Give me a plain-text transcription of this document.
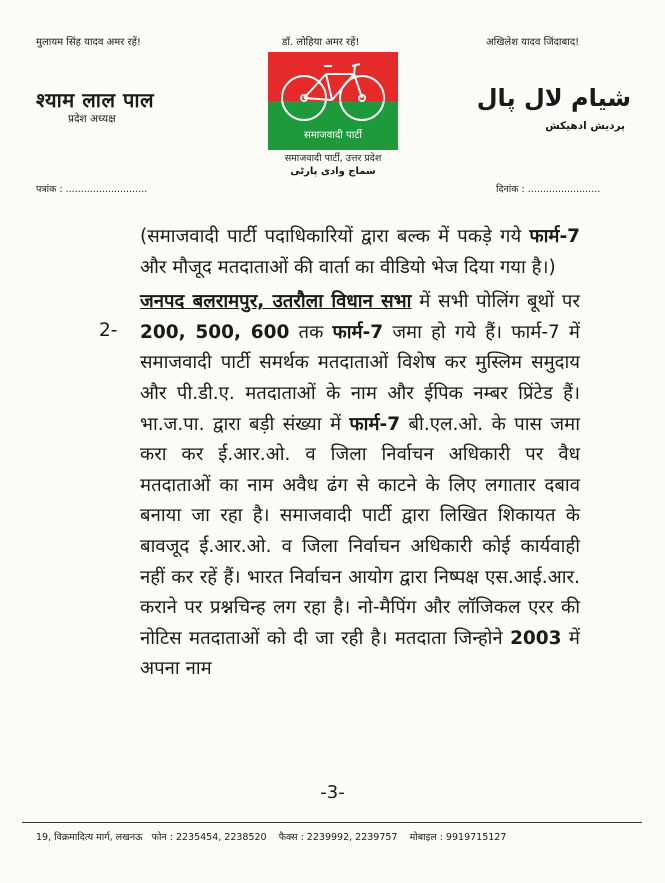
मुलायम सिंह यादव अमर रहें!	डॉ. लोहिया अमर रहें!	अखिलेश यादव जिंदाबाद!
श्याम लाल पाल
प्रदेश अध्यक्ष
شیام لال پال
پردیش ادھیکش
समाजवादी पार्टी
समाजवादी पार्टी, उत्तर प्रदेश
سماج وادی پارٹی
पत्रांक : ...........................	दिनांक : ........................

(समाजवादी पार्टी पदाधिकारियों द्वारा बल्क में पकड़े गये फार्म-7 और मौजूद मतदाताओं की वार्ता का वीडियो भेज दिया गया है।)

जनपद बलरामपुर, उतरौला विधान सभा में सभी पोलिंग बूथों पर 200, 500, 600 तक फार्म-7 जमा हो गये हैं। फार्म-7 में समाजवादी पार्टी समर्थक मतदाताओं विशेष कर मुस्लिम समुदाय और पी.डी.ए. मतदाताओं के नाम और ईपिक नम्बर प्रिंटेड हैं। भा.ज.पा. द्वारा बड़ी संख्या में फार्म-7 बी.एल.ओ. के पास जमा करा कर ई.आर.ओ. व जिला निर्वाचन अधिकारी पर वैध मतदाताओं का नाम अवैध ढंग से काटने के लिए लगातार दबाव बनाया जा रहा है। समाजवादी पार्टी द्वारा लिखित शिकायत के बावजूद ई.आर.ओ. व जिला निर्वाचन अधिकारी कोई कार्यवाही नहीं कर रहें हैं। भारत निर्वाचन आयोग द्वारा निष्पक्ष एस.आई.आर. कराने पर प्रश्नचिन्ह लग रहा है। नो-मैपिंग और लॉजिकल एरर की नोटिस मतदाताओं को दी जा रही है। मतदाता जिन्होने 2003 में अपना नाम

2-
-3-
19, विक्रमादित्य मार्ग, लखनऊ फोन : 2235454, 2238520 फैक्स : 2239992, 2239757 मोबाइल : 9919715127
